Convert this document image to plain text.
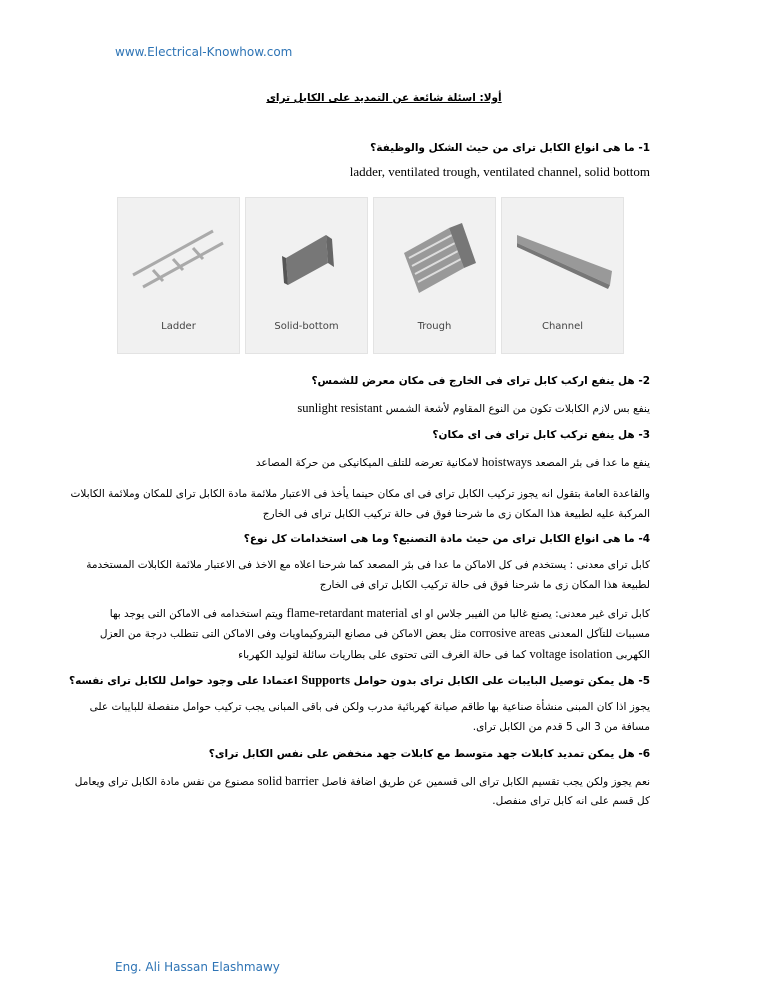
www.Electrical-Knowhow.com
أولا: اسئلة شائعة عن التمديد على الكابل تراى
1- ما هى انواع الكابل تراى من حيث الشكل والوظيفة؟
ladder, ventilated trough, ventilated channel, solid bottom
Ladder	Solid-bottom	Trough	Channel
2- هل ينفع اركب كابل تراى فى الخارج فى مكان معرض للشمس؟
ينفع بس لازم الكابلات تكون من النوع المقاوم لأشعة الشمس sunlight resistant
3- هل ينفع تركب كابل تراى فى اى مكان؟
ينفع ما عدا فى بئر المصعد hoistways لامكانية تعرضه للتلف الميكانيكى من حركة المصاعد
والقاعدة العامة بتقول انه يجوز تركيب الكابل تراى فى اى مكان حينما يأخذ فى الاعتبار ملائمة مادة الكابل تراى للمكان وملائمة الكابلات
المركبة عليه لطبيعة هذا المكان زى ما شرحنا فوق فى حالة تركيب الكابل تراى فى الخارج
4- ما هى انواع الكابل تراى من حيث مادة التصنيع؟ وما هى استخدامات كل نوع؟
كابل تراى معدنى : يستخدم فى كل الاماكن ما عدا فى بئر المصعد كما شرحنا اعلاه مع الاخذ فى الاعتبار ملائمة الكابلات المستخدمة
لطبيعة هذا المكان زى ما شرحنا فوق فى حالة تركيب الكابل تراى فى الخارج
كابل تراى غير معدنى: يصنع غالبا من الفيبر جلاس او اى flame-retardant material ويتم استخدامه فى الاماكن التى يوجد بها
مسببات للتآكل المعدنى corrosive areas مثل بعض الاماكن فى مصانع البتروكيماويات وفى الاماكن التى تتطلب درجة من العزل
الكهربى voltage isolation كما فى حالة الغرف التى تحتوى على بطاريات سائلة لتوليد الكهرباء
5- هل يمكن توصيل البايبات على الكابل تراى بدون حوامل Supports اعتمادا على وجود حوامل للكابل تراى نفسه؟
يجوز اذا كان المبنى منشأة صناعية بها طاقم صيانة كهربائية مدرب ولكن فى باقى المبانى يجب تركيب حوامل منفصلة للبايبات على
مسافة من 3 الى 5 قدم من الكابل تراى.
6- هل يمكن تمديد كابلات جهد متوسط مع كابلات جهد منخفض على نفس الكابل تراى؟
نعم يجوز ولكن يجب تقسيم الكابل تراى الى قسمين عن طريق اضافة فاصل solid barrier مصنوع من نفس مادة الكابل تراى ويعامل
كل قسم على انه كابل تراى منفصل.
Eng. Ali Hassan Elashmawy
